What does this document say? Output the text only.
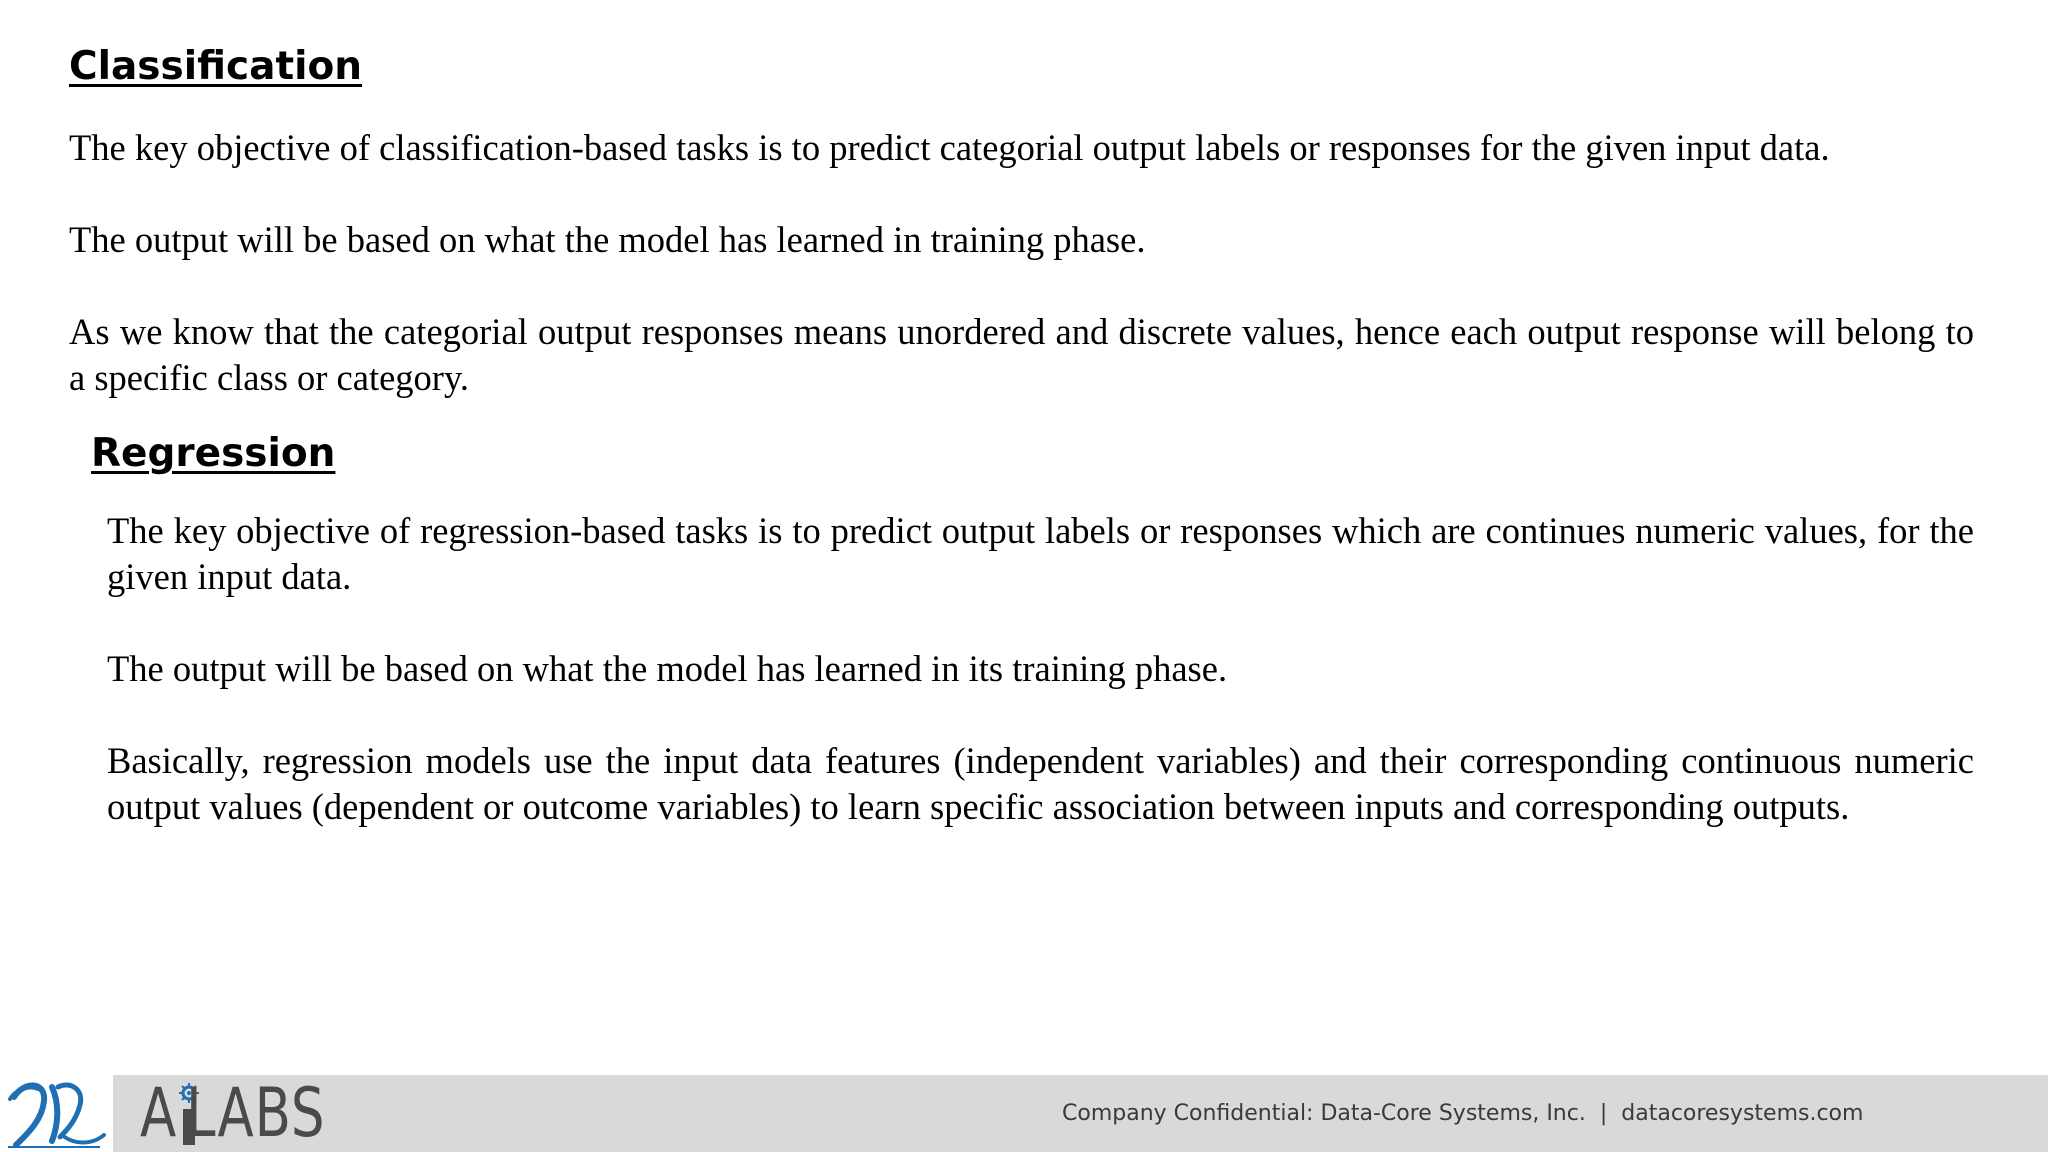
Classification

The key objective of classification-based tasks is to predict categorial output labels or responses for the given input data.

The output will be based on what the model has learned in training phase.

As we know that the categorial output responses means unordered and discrete values, hence each output response will belong to a specific class or category.

Regression

The key objective of regression-based tasks is to predict output labels or responses which are continues numeric values, for the given input data.

The output will be based on what the model has learned in its training phase.

Basically, regression models use the input data features (independent variables) and their corresponding continuous numeric output values (dependent or outcome variables) to learn specific association between inputs and corresponding outputs.

A LABS	Company Confidential: Data-Core Systems, Inc. | datacoresystems.com
